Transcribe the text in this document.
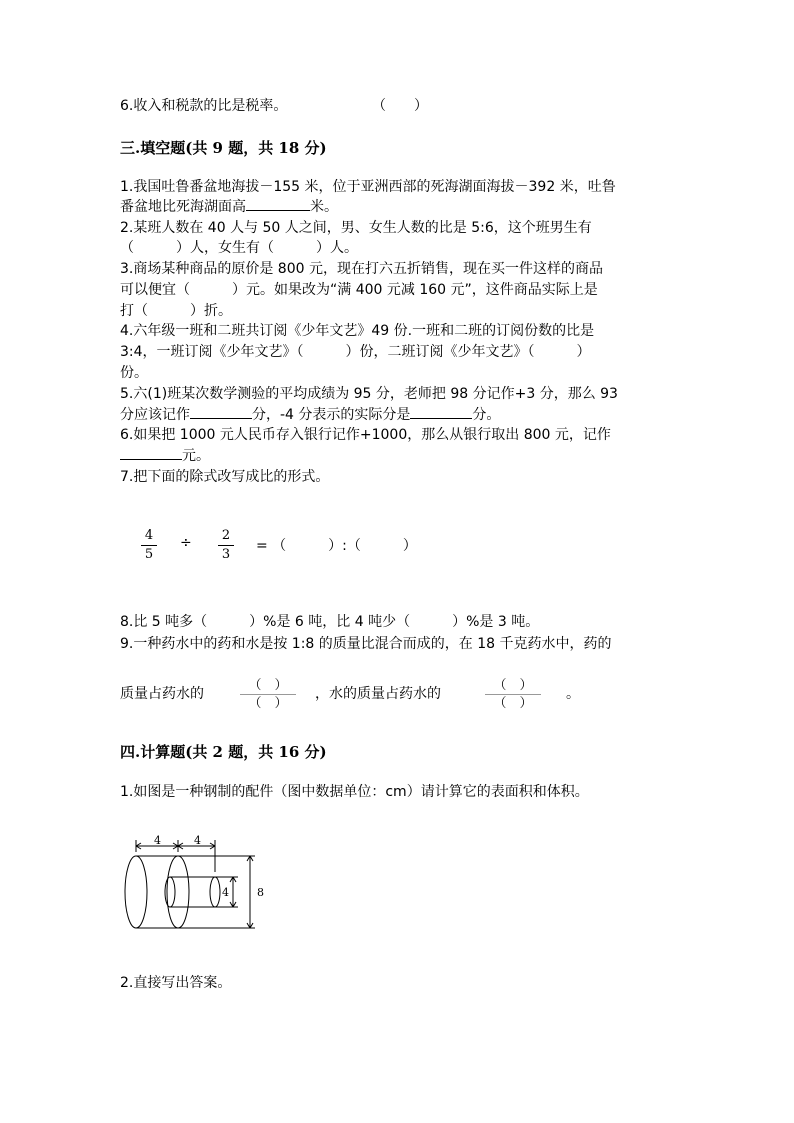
6.收入和税款的比是税率。	（　　）
三.填空题(共 9 题，共 18 分)
1.我国吐鲁番盆地海拔－155 米，位于亚洲西部的死海湖面海拔－392 米，吐鲁
番盆地比死海湖面高	米。
2.某班人数在 40 人与 50 人之间，男、女生人数的比是 5:6，这个班男生有
（　　　）人，女生有（　　　）人。
3.商场某种商品的原价是 800 元，现在打六五折销售，现在买一件这样的商品
可以便宜（　　　）元。如果改为“满 400 元减 160 元”，这件商品实际上是
打（　　　）折。
4.六年级一班和二班共订阅《少年文艺》49 份.一班和二班的订阅份数的比是
3:4，一班订阅《少年文艺》（　　　）份，二班订阅《少年文艺》（　　　）
份。
5.六(1)班某次数学测验的平均成绩为 95 分，老师把 98 分记作+3 分，那么 93
分应该记作	分，-4 分表示的实际分是	分。
6.如果把 1000 元人民币存入银行记作+1000，那么从银行取出 800 元，记作
元。
7.把下面的除式改写成比的形式。
4
5
÷ 2
3
= （　　　）:（　　　）
8.比 5 吨多（　　　）%是 6 吨，比 4 吨少（　　　）%是 3 吨。
9.一种药水中的药和水是按 1:8 的质量比混合而成的，在 18 千克药水中，药的
质量占药水的
（　）
（　）
，水的质量占药水的
（　）
（　）
。
四.计算题(共 2 题，共 16 分)
1.如图是一种钢制的配件（图中数据单位：cm）请计算它的表面积和体积。
4	4
4	8
2.直接写出答案。
